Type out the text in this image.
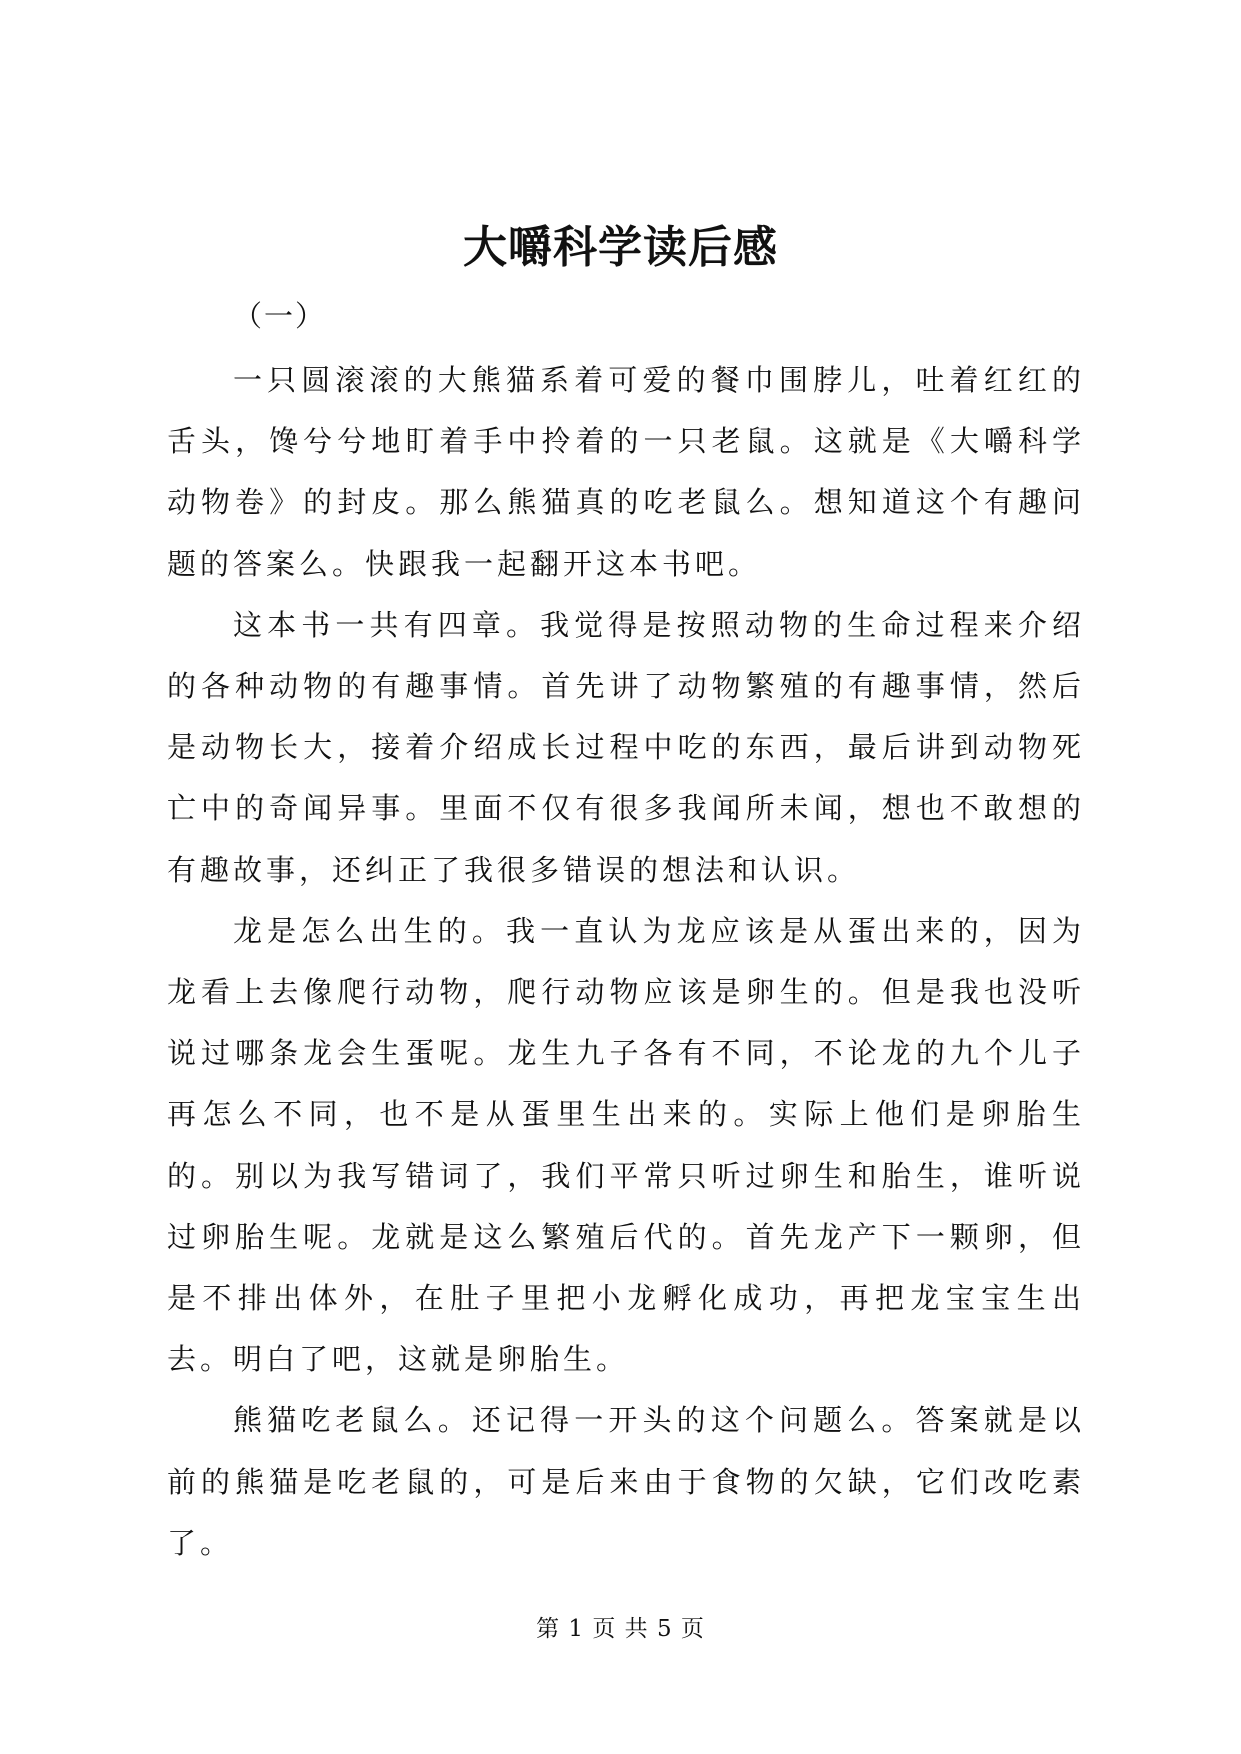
大嚼科学读后感

（一）

一只圆滚滚的大熊猫系着可爱的餐巾围脖儿，吐着红红的舌头，馋兮兮地盯着手中拎着的一只老鼠。这就是《大嚼科学动物卷》的封皮。那么熊猫真的吃老鼠么。想知道这个有趣问题的答案么。快跟我一起翻开这本书吧。

这本书一共有四章。我觉得是按照动物的生命过程来介绍的各种动物的有趣事情。首先讲了动物繁殖的有趣事情，然后是动物长大，接着介绍成长过程中吃的东西，最后讲到动物死亡中的奇闻异事。里面不仅有很多我闻所未闻，想也不敢想的有趣故事，还纠正了我很多错误的想法和认识。

龙是怎么出生的。我一直认为龙应该是从蛋出来的，因为龙看上去像爬行动物，爬行动物应该是卵生的。但是我也没听说过哪条龙会生蛋呢。龙生九子各有不同，不论龙的九个儿子再怎么不同，也不是从蛋里生出来的。实际上他们是卵胎生的。别以为我写错词了，我们平常只听过卵生和胎生，谁听说过卵胎生呢。龙就是这么繁殖后代的。首先龙产下一颗卵，但是不排出体外，在肚子里把小龙孵化成功，再把龙宝宝生出去。明白了吧，这就是卵胎生。

熊猫吃老鼠么。还记得一开头的这个问题么。答案就是以前的熊猫是吃老鼠的，可是后来由于食物的欠缺，它们改吃素了。

第 1 页 共 5 页
